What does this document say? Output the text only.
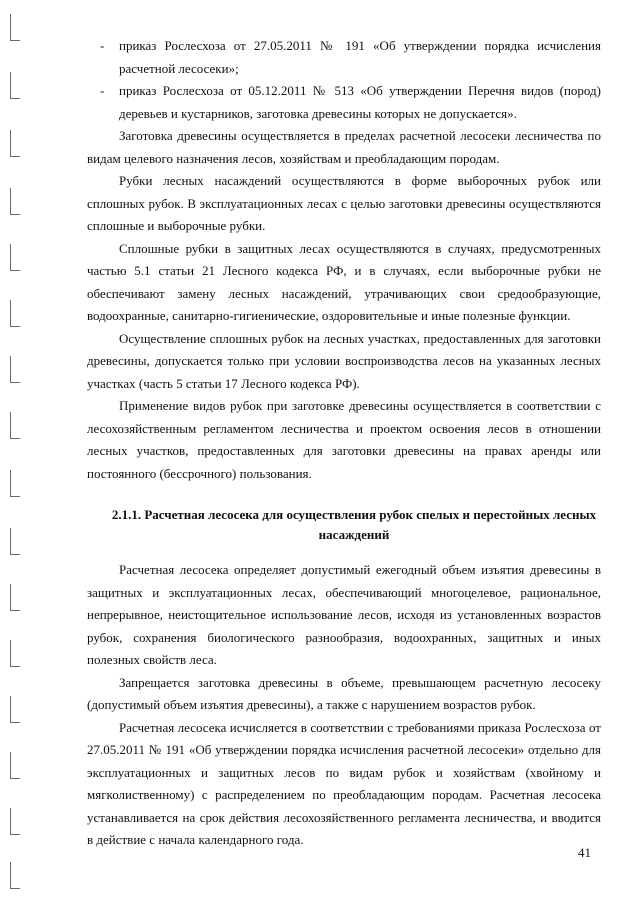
- приказ Рослесхоза от 27.05.2011 № 191 «Об утверждении порядка исчисления расчетной лесосеки»;
- приказ Рослесхоза от 05.12.2011 № 513 «Об утверждении Перечня видов (пород) деревьев и кустарников, заготовка древесины которых не допускается».

Заготовка древесины осуществляется в пределах расчетной лесосеки лесничества по видам целевого назначения лесов, хозяйствам и преобладающим породам.

Рубки лесных насаждений осуществляются в форме выборочных рубок или сплошных рубок. В эксплуатационных лесах с целью заготовки древесины осуществляются сплошные и выборочные рубки.

Сплошные рубки в защитных лесах осуществляются в случаях, предусмотренных частью 5.1 статьи 21 Лесного кодекса РФ, и в случаях, если выборочные рубки не обеспечивают замену лесных насаждений, утрачивающих свои средообразующие, водоохранные, санитарно-гигиенические, оздоровительные и иные полезные функции.

Осуществление сплошных рубок на лесных участках, предоставленных для заготовки древесины, допускается только при условии воспроизводства лесов на указанных лесных участках (часть 5 статьи 17 Лесного кодекса РФ).

Применение видов рубок при заготовке древесины осуществляется в соответствии с лесохозяйственным регламентом лесничества и проектом освоения лесов в отношении лесных участков, предоставленных для заготовки древесины на правах аренды или постоянного (бессрочного) пользования.

2.1.1. Расчетная лесосека для осуществления рубок спелых и перестойных лесных насаждений

Расчетная лесосека определяет допустимый ежегодный объем изъятия древесины в защитных и эксплуатационных лесах, обеспечивающий многоцелевое, рациональное, непрерывное, неистощительное использование лесов, исходя из установленных возрастов рубок, сохранения биологического разнообразия, водоохранных, защитных и иных полезных свойств леса.

Запрещается заготовка древесины в объеме, превышающем расчетную лесосеку (допустимый объем изъятия древесины), а также с нарушением возрастов рубок.

Расчетная лесосека исчисляется в соответствии с требованиями приказа Рослесхоза от 27.05.2011 № 191 «Об утверждении порядка исчисления расчетной лесосеки» отдельно для эксплуатационных и защитных лесов по видам рубок и хозяйствам (хвойному и мягколиственному) с распределением по преобладающим породам. Расчетная лесосека устанавливается на срок действия лесохозяйственного регламента лесничества, и вводится в действие с начала календарного года.

41
